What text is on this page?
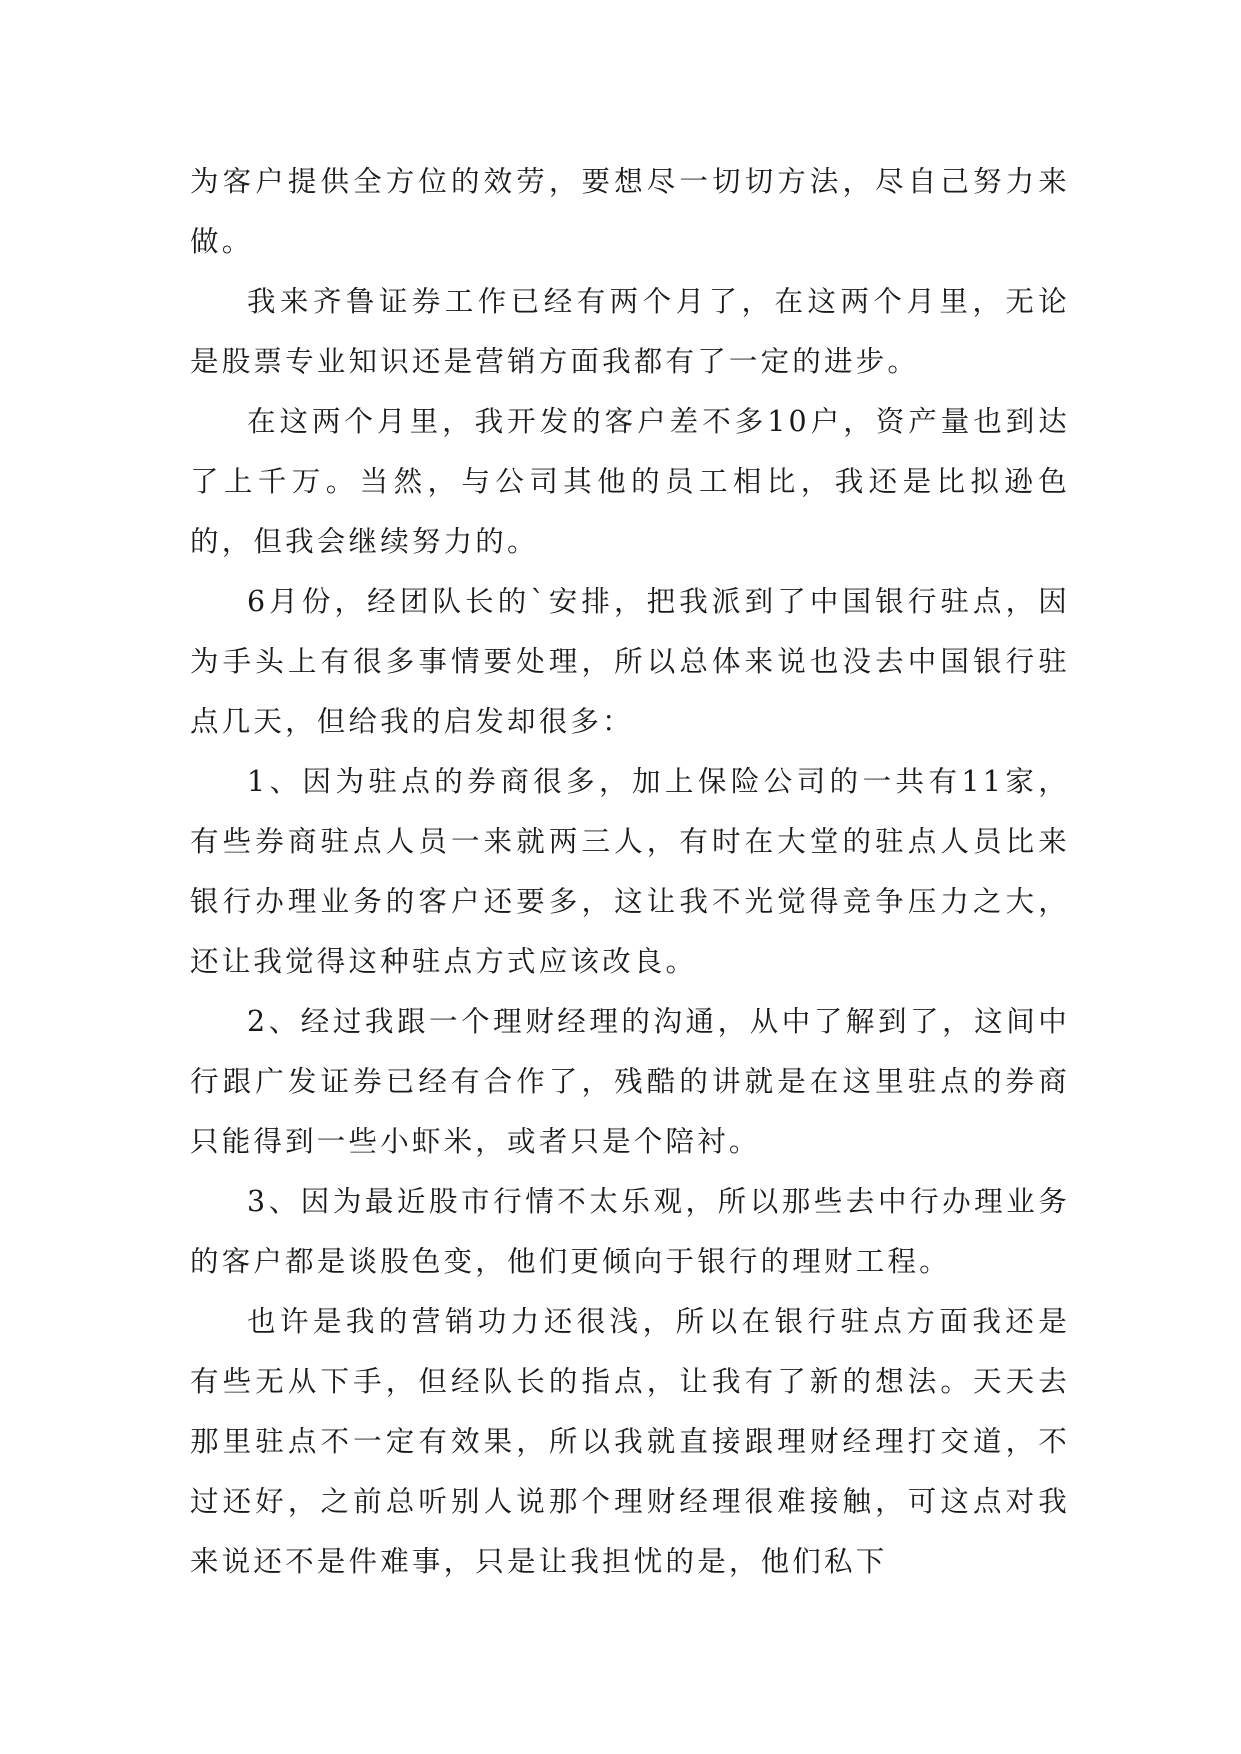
为客户提供全方位的效劳，要想尽一切切方法，尽自己努力来做。

我来齐鲁证券工作已经有两个月了，在这两个月里，无论是股票专业知识还是营销方面我都有了一定的进步。

在这两个月里，我开发的客户差不多10户，资产量也到达了上千万。当然，与公司其他的员工相比，我还是比拟逊色的，但我会继续努力的。

6月份，经团队长的`安排，把我派到了中国银行驻点，因为手头上有很多事情要处理，所以总体来说也没去中国银行驻点几天，但给我的启发却很多：

1、因为驻点的券商很多，加上保险公司的一共有11家，有些券商驻点人员一来就两三人，有时在大堂的驻点人员比来银行办理业务的客户还要多，这让我不光觉得竞争压力之大，还让我觉得这种驻点方式应该改良。

2、经过我跟一个理财经理的沟通，从中了解到了，这间中行跟广发证券已经有合作了，残酷的讲就是在这里驻点的券商只能得到一些小虾米，或者只是个陪衬。

3、因为最近股市行情不太乐观，所以那些去中行办理业务的客户都是谈股色变，他们更倾向于银行的理财工程。

也许是我的营销功力还很浅，所以在银行驻点方面我还是有些无从下手，但经队长的指点，让我有了新的想法。天天去那里驻点不一定有效果，所以我就直接跟理财经理打交道，不过还好，之前总听别人说那个理财经理很难接触，可这点对我来说还不是件难事，只是让我担忧的是，他们私下
